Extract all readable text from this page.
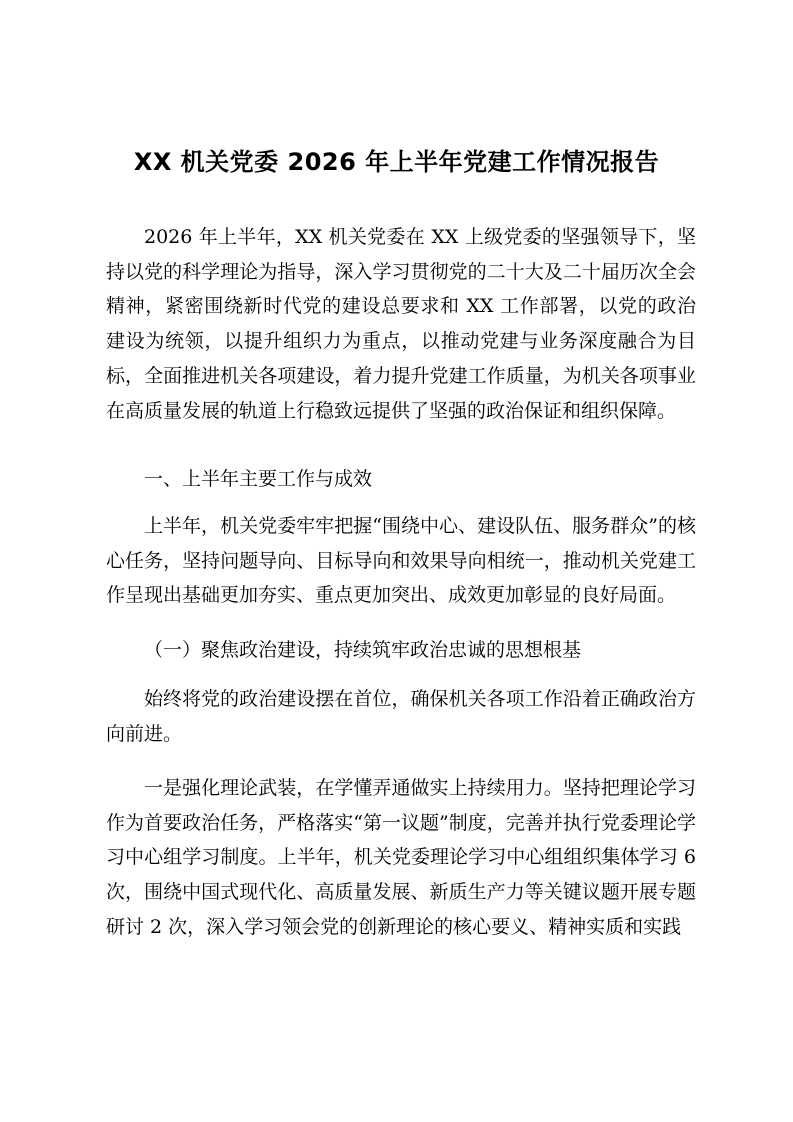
XX 机关党委 2026 年上半年党建工作情况报告

2026 年上半年，XX 机关党委在 XX 上级党委的坚强领导下，坚持以党的科学理论为指导，深入学习贯彻党的二十大及二十届历次全会精神，紧密围绕新时代党的建设总要求和 XX 工作部署，以党的政治建设为统领，以提升组织力为重点，以推动党建与业务深度融合为目标，全面推进机关各项建设，着力提升党建工作质量，为机关各项事业在高质量发展的轨道上行稳致远提供了坚强的政治保证和组织保障。

一、上半年主要工作与成效

上半年，机关党委牢牢把握“围绕中心、建设队伍、服务群众”的核心任务，坚持问题导向、目标导向和效果导向相统一，推动机关党建工作呈现出基础更加夯实、重点更加突出、成效更加彰显的良好局面。

（一）聚焦政治建设，持续筑牢政治忠诚的思想根基

始终将党的政治建设摆在首位，确保机关各项工作沿着正确政治方向前进。

一是强化理论武装，在学懂弄通做实上持续用力。坚持把理论学习作为首要政治任务，严格落实“第一议题”制度，完善并执行党委理论学习中心组学习制度。上半年，机关党委理论学习中心组组织集体学习 6 次，围绕中国式现代化、高质量发展、新质生产力等关键议题开展专题研讨 2 次，深入学习领会党的创新理论的核心要义、精神实质和实践
